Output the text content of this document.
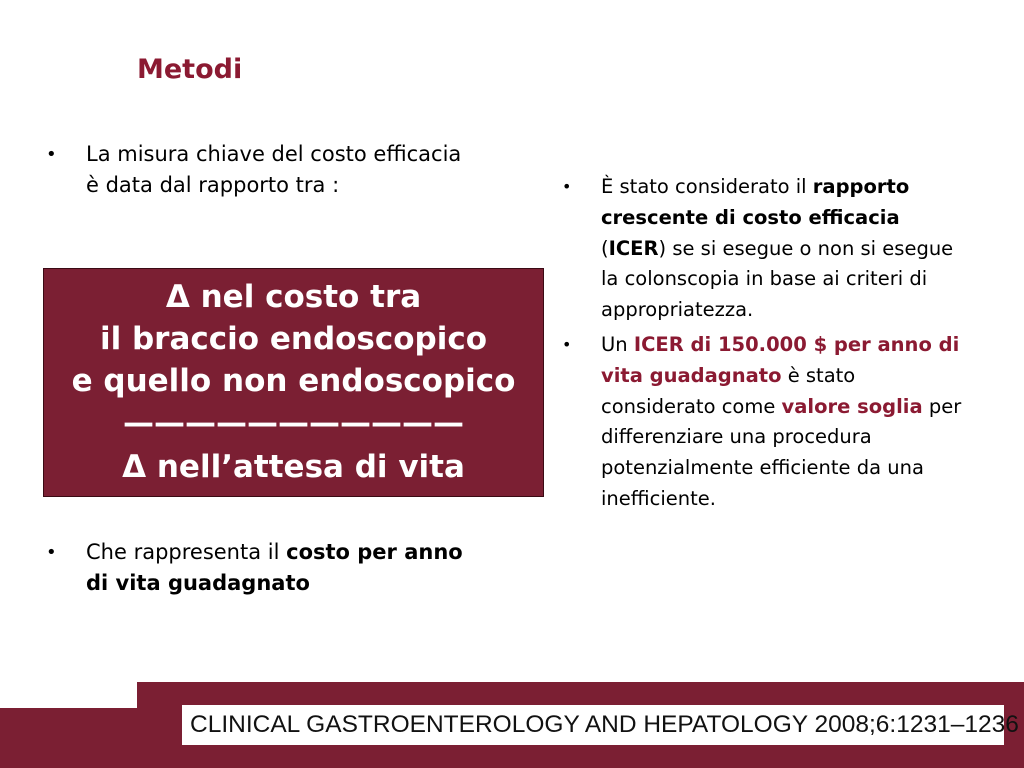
Metodi
•	La misura chiave del costo efficacia è data dal rapporto tra :
Δ nel costo tra
il braccio endoscopico
e quello non endoscopico
———————————
Δ nell’attesa di vita
•	Che rappresenta il costo per anno di vita guadagnato
•	È stato considerato il rapporto crescente di costo efficacia (ICER) se si esegue o non si esegue la colonscopia in base ai criteri di appropriatezza.
•	Un ICER di 150.000 $ per anno di vita guadagnato è stato considerato come valore soglia per differenziare una procedura potenzialmente efficiente da una inefficiente.
CLINICAL GASTROENTEROLOGY AND HEPATOLOGY 2008;6:1231–1236
